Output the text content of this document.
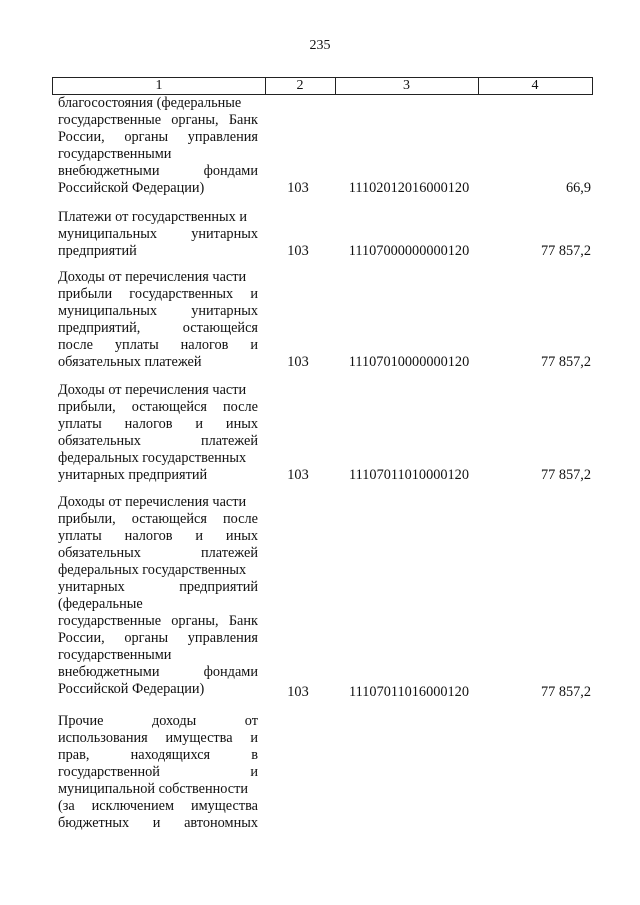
235
1	2	3	4
благосостояния (федеральные
государственные органы, Банк
России, органы управления
государственными
внебюджетными фондами
Российской Федерации)	103	11102012016000120	66,9
Платежи от государственных и
муниципальных унитарных
предприятий	103	11107000000000120	77 857,2
Доходы от перечисления части
прибыли государственных и
муниципальных унитарных
предприятий, остающейся
после уплаты налогов и
обязательных платежей	103	11107010000000120	77 857,2
Доходы от перечисления части
прибыли, остающейся после
уплаты налогов и иных
обязательных платежей
федеральных государственных
унитарных предприятий	103	11107011010000120	77 857,2
Доходы от перечисления части
прибыли, остающейся после
уплаты налогов и иных
обязательных платежей
федеральных государственных
унитарных предприятий
(федеральные
государственные органы, Банк
России, органы управления
государственными
внебюджетными фондами
Российской Федерации)	103	11107011016000120	77 857,2
Прочие доходы от
использования имущества и
прав, находящихся в
государственной и
муниципальной собственности
(за исключением имущества
бюджетных и автономных
